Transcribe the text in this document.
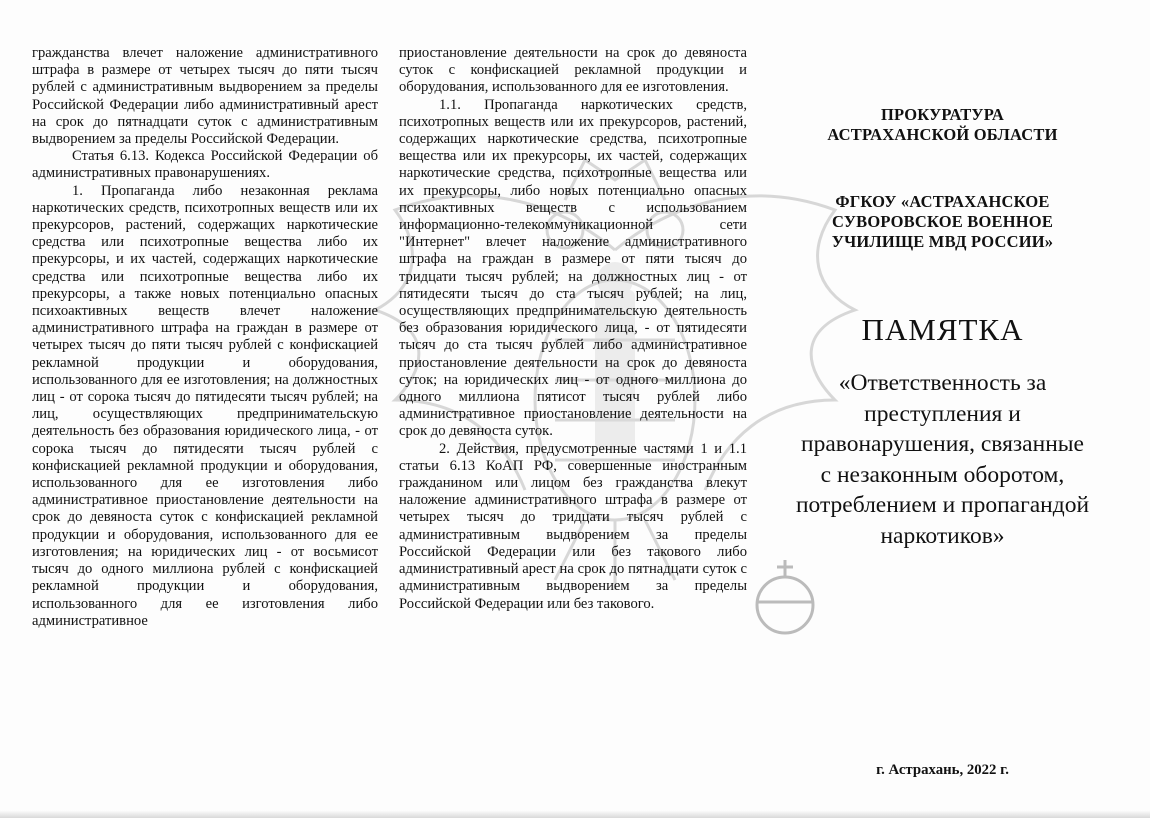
гражданства влечет наложение административного штрафа в размере от четырех тысяч до пяти тысяч рублей с административным выдворением за пределы Российской Федерации либо административный арест на срок до пятнадцати суток с административным выдворением за пределы Российской Федерации.

Статья 6.13. Кодекса Российской Федерации об административных правонарушениях.

1. Пропаганда либо незаконная реклама наркотических средств, психотропных веществ или их прекурсоров, растений, содержащих наркотические средства или психотропные вещества либо их прекурсоры, и их частей, содержащих наркотические средства или психотропные вещества либо их прекурсоры, а также новых потенциально опасных психоактивных веществ влечет наложение административного штрафа на граждан в размере от четырех тысяч до пяти тысяч рублей с конфискацией рекламной продукции и оборудования, использованного для ее изготовления; на должностных лиц - от сорока тысяч до пятидесяти тысяч рублей; на лиц, осуществляющих предпринимательскую деятельность без образования юридического лица, - от сорока тысяч до пятидесяти тысяч рублей с конфискацией рекламной продукции и оборудования, использованного для ее изготовления либо административное приостановление деятельности на срок до девяноста суток с конфискацией рекламной продукции и оборудования, использованного для ее изготовления; на юридических лиц - от восьмисот тысяч до одного миллиона рублей с конфискацией рекламной продукции и оборудования, использованного для ее изготовления либо административное

приостановление деятельности на срок до девяноста суток с конфискацией рекламной продукции и оборудования, использованного для ее изготовления.

1.1. Пропаганда наркотических средств, психотропных веществ или их прекурсоров, растений, содержащих наркотические средства, психотропные вещества или их прекурсоры, их частей, содержащих наркотические средства, психотропные вещества или их прекурсоры, либо новых потенциально опасных психоактивных веществ с использованием информационно-телекоммуникационной сети "Интернет" влечет наложение административного штрафа на граждан в размере от пяти тысяч до тридцати тысяч рублей; на должностных лиц - от пятидесяти тысяч до ста тысяч рублей; на лиц, осуществляющих предпринимательскую деятельность без образования юридического лица, - от пятидесяти тысяч до ста тысяч рублей либо административное приостановление деятельности на срок до девяноста суток; на юридических лиц - от одного миллиона до одного миллиона пятисот тысяч рублей либо административное приостановление деятельности на срок до девяноста суток.

2. Действия, предусмотренные частями 1 и 1.1 статьи 6.13 КоАП РФ, совершенные иностранным гражданином или лицом без гражданства влекут наложение административного штрафа в размере от четырех тысяч до тридцати тысяч рублей с административным выдворением за пределы Российской Федерации или без такового либо административный арест на срок до пятнадцати суток с административным выдворением за пределы Российской Федерации или без такового.

ПРОКУРАТУРА
АСТРАХАНСКОЙ ОБЛАСТИ
ФГКОУ «АСТРАХАНСКОЕ
СУВОРОВСКОЕ ВОЕННОЕ
УЧИЛИЩЕ МВД РОССИИ»
ПАМЯТКА
«Ответственность за
преступления и
правонарушения, связанные
с незаконным оборотом,
потреблением и пропагандой
наркотиков»
г. Астрахань, 2022 г.
